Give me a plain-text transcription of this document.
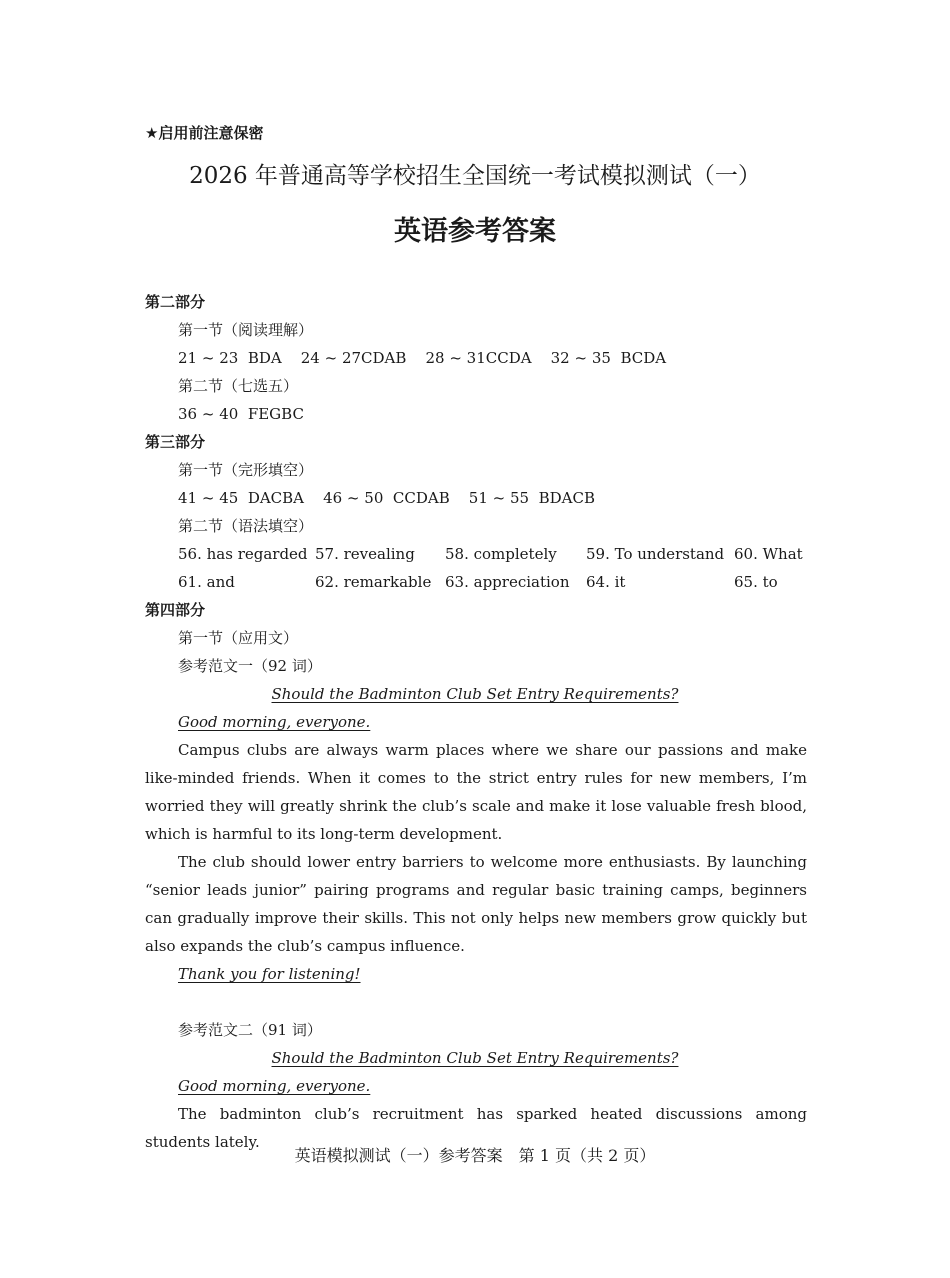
★启用前注意保密
2026 年普通高等学校招生全国统一考试模拟测试（一）
英语参考答案
第二部分
第一节（阅读理解）
21 ~ 23  BDA    24 ~ 27CDAB    28 ~ 31CCDA    32 ~ 35  BCDA
第二节（七选五）
36 ~ 40  FEGBC
第三部分
第一节（完形填空）
41 ~ 45  DACBA    46 ~ 50  CCDAB    51 ~ 55  BDACB
第二节（语法填空）
56. has regarded 57. revealing 58. completely 59. To understand 60. What
61. and	62. remarkable 63. appreciation 64. it	65. to
第四部分
第一节（应用文）
参考范文一（92 词）
Should the Badminton Club Set Entry Requirements?
Good morning, everyone.

Campus clubs are always warm places where we share our passions and make like-minded friends. When it comes to the strict entry rules for new members, I’m worried they will greatly shrink the club’s scale and make it lose valuable fresh blood, which is harmful to its long-term development.

The club should lower entry barriers to welcome more enthusiasts. By launching “senior leads junior” pairing programs and regular basic training camps, beginners can gradually improve their skills. This not only helps new members grow quickly but also expands the club’s campus influence.

Thank you for listening!
参考范文二（91 词）
Should the Badminton Club Set Entry Requirements?
Good morning, everyone.

The badminton club’s recruitment has sparked heated discussions among students lately.

英语模拟测试（一）参考答案　第 1 页（共 2 页）
